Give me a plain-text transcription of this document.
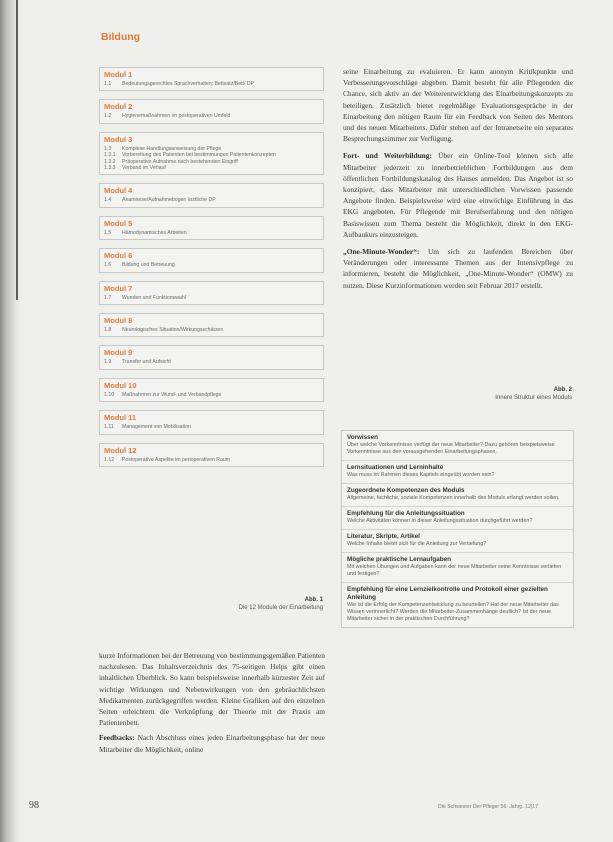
Bildung
Modul 1
1.1	Bedeutungsgerechtes Sprachverhalten; Bettsatz/Bett/ DP
Modul 2
1.2	Hygienemaßnahmen im postoperativen Umfeld
Modul 3
1.3	Komplexe Handlungsanweisung der Pflege
1.3.1	Vorbereitung des Patienten bei bestimmungen Patientenkonzepten
1.3.2	Präoperative Aufnahme nach bestehenden Eingriff
1.3.3	Verband im Verlauf
Modul 4
1.4	Anamnese/Aufnahmebogen ärztliche DP
Modul 5
1.5	Hämodynamisches Arbeiten
Modul 6
1.6	Bildung und Betreuung
Modul 7
1.7	Wunden und Funktionswahl
Modul 8
1.8	Neurologisches Situation/Wirkungsschätzen
Modul 9
1.9	Transfer und Aufsicht
Modul 10
1.10	Maßnahmen zur Wund- und Verbandpflege
Modul 11
1.11	Management von Mobilisation
Modul 12
1.12	Postoperative Aspekte im perioperativen Raum
Abb. 1
Die 12 Module der Einarbeitung

kurze Informationen bei der Betreuung von bestimmungsgemäßen Patienten nachzulesen. Das Inhaltsverzeichnis des 75-seitigen Helps gibt einen inhaltlichen Überblick. So kann beispielsweise innerhalb kürzester Zeit auf wichtige Wirkungen und Nebenwirkungen von den gebräuchlichsten Medikamenten zurückgegriffen werden. Kleine Grafiken auf den einzelnen Seiten erleichtern die Verknüpfung der Theorie mit der Praxis am Patientenbett.

Feedbacks: Nach Abschluss eines jeden Einarbeitungsphase hat der neue Mitarbeiter die Möglichkeit, online

seine Einarbeitung zu evaluieren. Er kann anonym Kritikpunkte und Verbesserungsvorschläge abgeben. Damit besteht für alle Pflegenden die Chance, sich aktiv an der Weiterentwicklung des Einarbeitungskonzepts zu beteiligen. Zusätzlich bietet regelmäßige Evaluationsgespräche in der Einarbeitung den nötigen Raum für ein Feedback von Seiten des Mentors und des neuen Mitarbeiters. Dafür stehen auf der Intranetseite ein separates Besprechungszimmer zur Verfügung.

Fort- und Weiterbildung: Über ein Online-Tool können sich alle Mitarbeiter jederzeit zu innerbetrieblichen Fortbildungen aus dem öffentlichen Fortbildungskatalog des Hauses anmelden. Das Angebot ist so konzipiert, dass Mitarbeiter mit unterschiedlichen Vorwissen passende Angebote finden. Beispielsweise wird eine einwöchige Einführung in das EKG angeboten. Für Pflegende mit Berufserfahrung und den nötigen Basiswissen zum Thema besteht die Möglichkeit, direkt in den EKG-Aufbaukurs einzusteigen.

„One-Minute-Wonder“: Um sich zu laufenden Bereichen über Veränderungen oder interessante Themen aus der Intensivpflege zu informieren, besteht die Möglichkeit, „One-Minute-Wonder“ (OMW) zu nutzen. Diese Kurzinformationen werden seit Februar 2017 erstellt.

Abb. 2
Innere Struktur eines Moduls
Vorwissen
Über welche Vorkenntnisse verfügt der neue Mitarbeiter? Dazu gehören beispielsweise Vorkenntnisse aus den vorausgehenden Einarbeitungsphasen.
Lernsituationen und Lerninhalte
Was muss im Rahmen dieses Kapitels eingeübt worden sein?
Zugeordnete Kompetenzen des Moduls
Allgemeine, fachliche, soziale Kompetenzen innerhalb des Moduls erlangt werden sollen.
Empfehlung für die Anleitungssituation
Welche Aktivitäten können in dieser Anleitungssituation durchgeführt werden?
Literatur, Skripte, Artikel
Welche Inhalte bietet sich für die Anleitung zur Vertiefung?
Mögliche praktische Lernaufgaben
Mit welchen Übungen und Aufgaben kann der neue Mitarbeiter seine Kenntnisse vertiefen und festigen?
Empfehlung für eine Lernzielkontrolle und Protokoll einer gezielten Anleitung
Wie ist die Erfolg der Kompetenzentwicklung zu beurteilen? Hat der neue Mitarbeiter das Wissen verinnerlicht? Werden die Mitarbeiter-Zusammenhänge deutlich? Ist der neue Mitarbeiter sicher in der praktischen Durchführung?
98	Die Schwester Der Pfleger 56. Jahrg. 12|17
